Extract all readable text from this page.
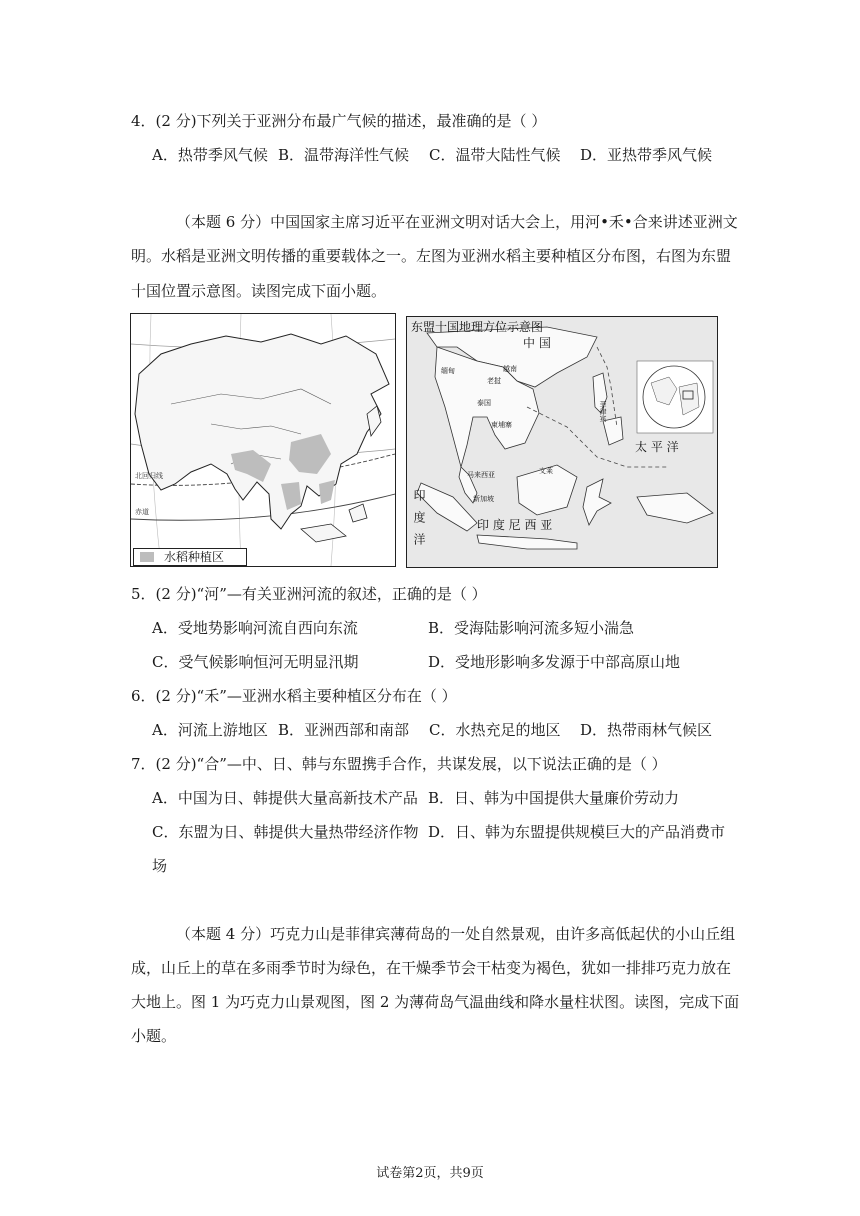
4．(2 分)下列关于亚洲分布最广气候的描述，最准确的是（ ）
A．热带季风气候 B．温带海洋性气候 C．温带大陆性气候 D．亚热带季风气候
（本题 6 分）中国国家主席习近平在亚洲文明对话大会上，用河•禾•合来讲述亚洲文
明。水稻是亚洲文明传播的重要载体之一。左图为亚洲水稻主要种植区分布图，右图为东盟
十国位置示意图。读图完成下面小题。
北回归线
赤道
水稻种植区
东盟十国地理方位示意图
中 国
缅甸
老挝
越南
泰国
柬埔寨
马来西亚	文莱
新加坡
印 度 尼 西 亚
太 平 洋
菲律宾
印度洋
5．(2 分)“河”—有关亚洲河流的叙述，正确的是（ ）
A．受地势影响河流自西向东流	B．受海陆影响河流多短小湍急
C．受气候影响恒河无明显汛期	D．受地形影响多发源于中部高原山地
6．(2 分)“禾”—亚洲水稻主要种植区分布在（ ）
A．河流上游地区 B．亚洲西部和南部 C．水热充足的地区 D．热带雨林气候区
7．(2 分)“合”—中、日、韩与东盟携手合作，共谋发展，以下说法正确的是（ ）
A．中国为日、韩提供大量高新技术产品 B．日、韩为中国提供大量廉价劳动力
C．东盟为日、韩提供大量热带经济作物 D．日、韩为东盟提供规模巨大的产品消费市
场
（本题 4 分）巧克力山是菲律宾薄荷岛的一处自然景观，由许多高低起伏的小山丘组
成，山丘上的草在多雨季节时为绿色，在干燥季节会干枯变为褐色，犹如一排排巧克力放在
大地上。图 1 为巧克力山景观图，图 2 为薄荷岛气温曲线和降水量柱状图。读图，完成下面
小题。
试卷第2页，共9页
